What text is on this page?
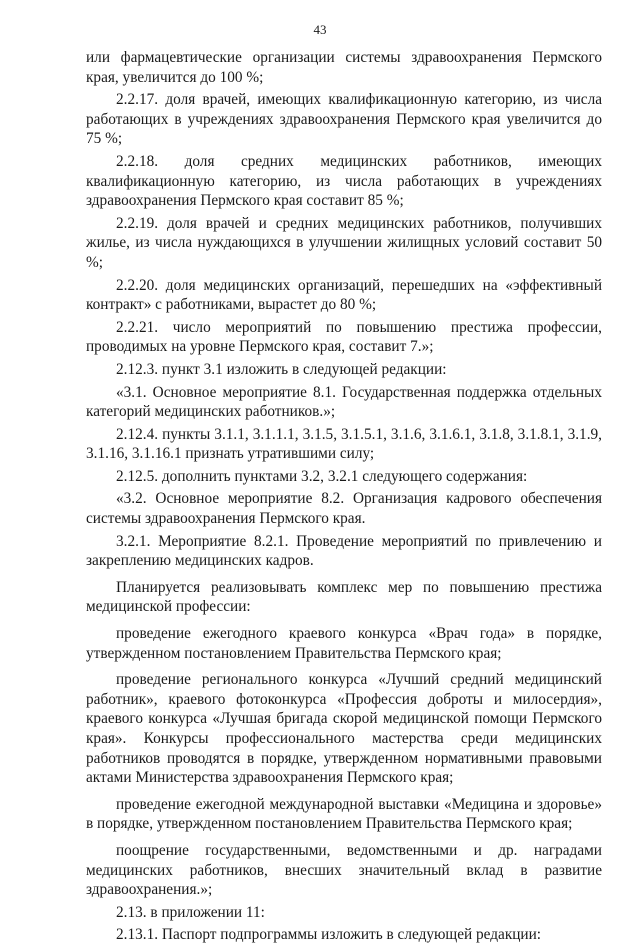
43

или фармацевтические организации системы здравоохранения Пермского края, увеличится до 100 %;

2.2.17. доля врачей, имеющих квалификационную категорию, из числа работающих в учреждениях здравоохранения Пермского края увеличится до 75 %;

2.2.18. доля средних медицинских работников, имеющих квалификационную категорию, из числа работающих в учреждениях здравоохранения Пермского края составит 85 %;

2.2.19. доля врачей и средних медицинских работников, получивших жилье, из числа нуждающихся в улучшении жилищных условий составит 50 %;

2.2.20. доля медицинских организаций, перешедших на «эффективный контракт» с работниками, вырастет до 80 %;

2.2.21. число мероприятий по повышению престижа профессии, проводимых на уровне Пермского края, составит 7.»;

2.12.3. пункт 3.1 изложить в следующей редакции:

«3.1. Основное мероприятие 8.1. Государственная поддержка отдельных категорий медицинских работников.»;

2.12.4. пункты 3.1.1, 3.1.1.1, 3.1.5, 3.1.5.1, 3.1.6, 3.1.6.1, 3.1.8, 3.1.8.1, 3.1.9, 3.1.16, 3.1.16.1 признать утратившими силу;

2.12.5. дополнить пунктами 3.2, 3.2.1 следующего содержания:

«3.2. Основное мероприятие 8.2. Организация кадрового обеспечения системы здравоохранения Пермского края.

3.2.1. Мероприятие 8.2.1. Проведение мероприятий по привлечению и закреплению медицинских кадров.

Планируется реализовывать комплекс мер по повышению престижа медицинской профессии:

проведение ежегодного краевого конкурса «Врач года» в порядке, утвержденном постановлением Правительства Пермского края;

проведение регионального конкурса «Лучший средний медицинский работник», краевого фотоконкурса «Профессия доброты и милосердия», краевого конкурса «Лучшая бригада скорой медицинской помощи Пермского края». Конкурсы профессионального мастерства среди медицинских работников проводятся в порядке, утвержденном нормативными правовыми актами Министерства здравоохранения Пермского края;

проведение ежегодной международной выставки «Медицина и здоровье» в порядке, утвержденном постановлением Правительства Пермского края;

поощрение государственными, ведомственными и др. наградами медицинских работников, внесших значительный вклад в развитие здравоохранения.»;

2.13. в приложении 11:

2.13.1. Паспорт подпрограммы изложить в следующей редакции:
